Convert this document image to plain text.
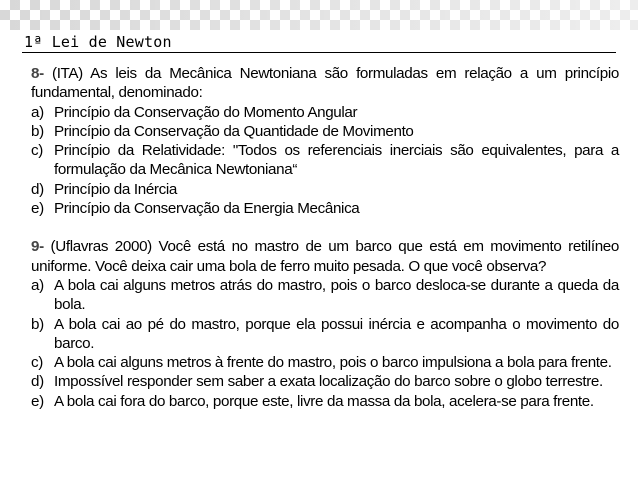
1ª Lei de Newton

8- (ITA) As leis da Mecânica Newtoniana são formuladas em relação a um princípio fundamental, denominado:

a) Princípio da Conservação do Momento Angular
b) Princípio da Conservação da Quantidade de Movimento
c) Princípio da Relatividade: "Todos os referenciais inerciais são equivalentes, para a formulação da Mecânica Newtoniana“
d) Princípio da Inércia
e) Princípio da Conservação da Energia Mecânica

9- (Uflavras 2000) Você está no mastro de um barco que está em movimento retilíneo uniforme. Você deixa cair uma bola de ferro muito pesada. O que você observa?

a) A bola cai alguns metros atrás do mastro, pois o barco desloca-se durante a queda da bola.
b) A bola cai ao pé do mastro, porque ela possui inércia e acompanha o movimento do barco.
c) A bola cai alguns metros à frente do mastro, pois o barco impulsiona a bola para frente.
d) Impossível responder sem saber a exata localização do barco sobre o globo terrestre.
e) A bola cai fora do barco, porque este, livre da massa da bola, acelera-se para frente.
